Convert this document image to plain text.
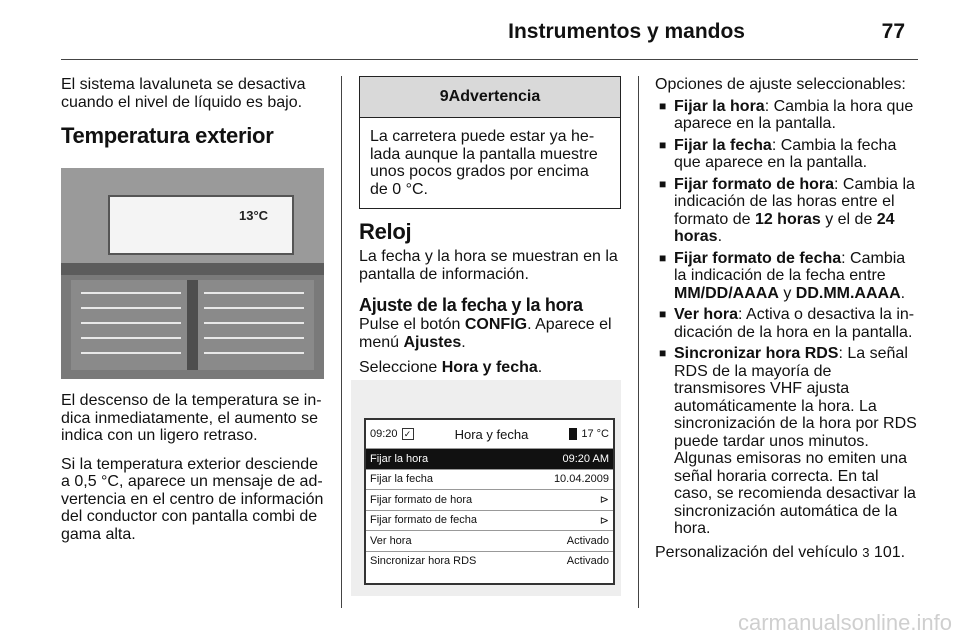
Instrumentos y mandos	77

El sistema lavaluneta se desactiva cuando el nivel de líquido es bajo.

Temperatura exterior
13°C

El descenso de la temperatura se indica inmediatamente, el aumento se indica con un ligero retraso.

Si la temperatura exterior desciende a 0,5 °C, aparece un mensaje de advertencia en el centro de información del conductor con pantalla combi de gama alta.

9 Advertencia
La carretera puede estar ya helada aunque la pantalla muestre unos pocos grados por encima de 0 °C.
Reloj

La fecha y la hora se muestran en la pantalla de información.

Ajuste de la fecha y la hora

Pulse el botón CONFIG. Aparece el menú Ajustes.

Seleccione Hora y fecha.

09:20 ✓	Hora y fecha	17 °C
Fijar la hora	09:20 AM
Fijar la fecha	10.04.2009
Fijar formato de hora	⊳
Fijar formato de fecha	⊳
Ver hora	Activado
Sincronizar hora RDS	Activado

Opciones de ajuste seleccionables:

■ Fijar la hora: Cambia la hora que aparece en la pantalla.
■ Fijar la fecha: Cambia la fecha que aparece en la pantalla.
■ Fijar formato de hora: Cambia la indicación de las horas entre el formato de 12 horas y el de 24 horas.
■ Fijar formato de fecha: Cambia la indicación de la fecha entre MM/DD/AAAA y DD.MM.AAAA.
■ Ver hora: Activa o desactiva la indicación de la hora en la pantalla.
■ Sincronizar hora RDS: La señal RDS de la mayoría de transmisores VHF ajusta automáticamente la hora. La sincronización de la hora por RDS puede tardar unos minutos. Algunas emisoras no emiten una señal horaria correcta. En tal caso, se recomienda desactivar la sincronización automática de la hora.

Personalización del vehículo 3 101.

carmanualsonline.info
